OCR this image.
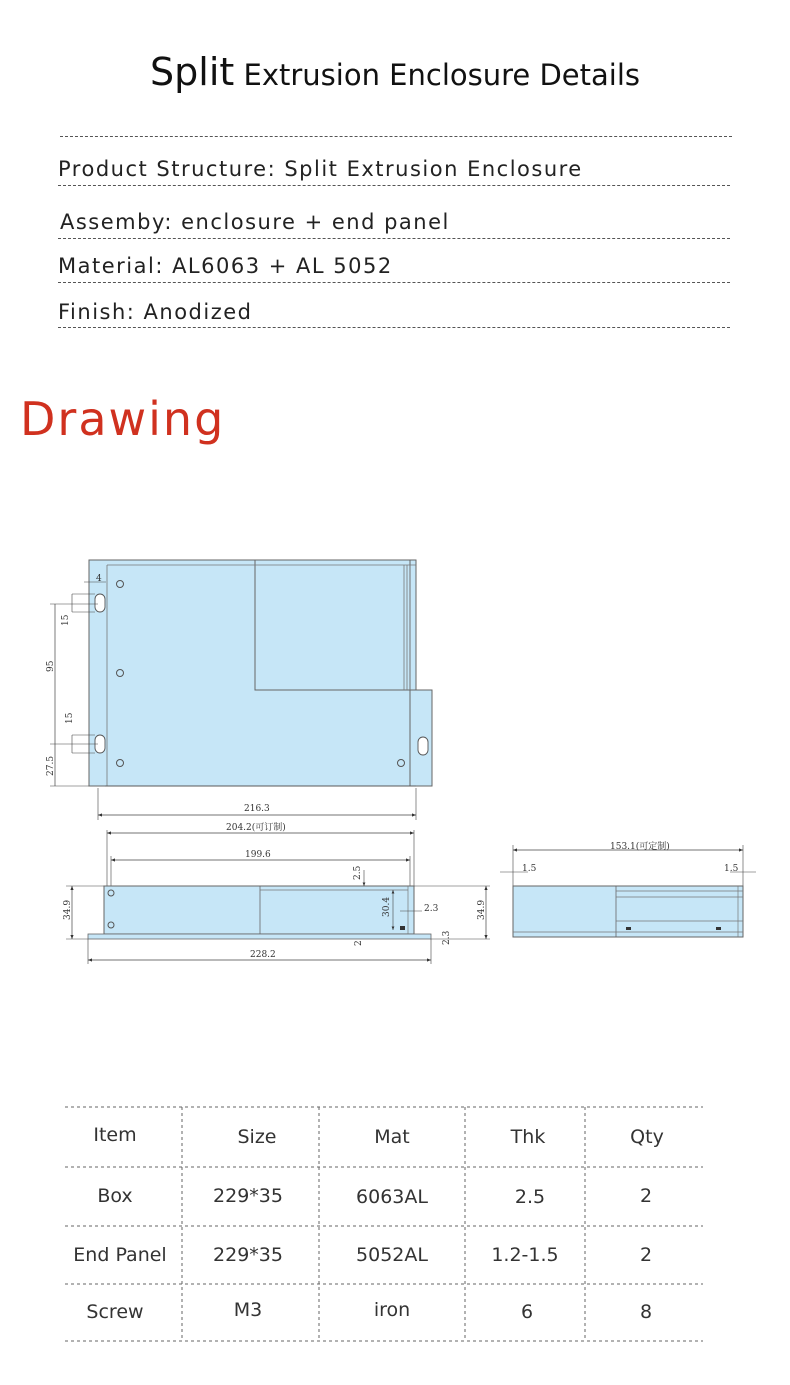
Split Extrusion Enclosure Details
Product Structure: Split Extrusion Enclosure
Assemby: enclosure + end panel
Material: AL6063 + AL 5052
Finish: Anodized
Drawing
4
15
95
15
27.5
216.3
204.2(可订制)
199.6
2.5
30.4	2.3
2	2.3
34.9	34.9
228.2
153.1(可定制)
1.5	1.5
Item	Size	Mat	Thk	Qty
Box	229*35	6063AL	2.5	2
End Panel	229*35	5052AL	1.2-1.5	2
Screw	M3	iron	6	8
